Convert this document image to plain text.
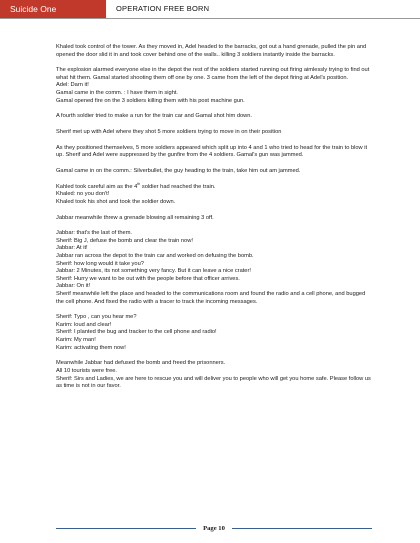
Suicide One	OPERATION FREE BORN
Khaled took control of the tower. As they moved in, Adel headed to the barracks, got out a hand grenade, pulled the pin and opened the door slid it in and took cover behind one of the walls.. killing 3 soldiers instantly inside the barracks.
The explosion alarmed everyone else in the depot the rest of the soldiers started running out firing aimlessly trying to find out what hit them. Gamal started shooting them off one by one. 3 came from the left of the depot firing at Adel's position.
Adel: Darn it!
Gamal came in the comm. : I have them in sight.
Gamal opened fire on the 3 soldiers killing them with his post machine gun.
A fourth soldier tried to make a run for the train car and Gamal shot him down.
Sherif met up with Adel where they shot 5 more soldiers trying to move in on their position
As they positioned themselves, 5 more soldiers appeared which split up into 4 and 1 who tried to head for the train to blow it up. Sherif and Adel were suppressed by the gunfire from the 4 soldiers. Gamal's gun was jammed.
Gamal came in on the comm.: Silverbullet, the guy heading to the train, take him out am jammed.
Kahled took careful aim as the 4th soldier had reached the train.
Khaled: no you don't!
Khaled took his shot and took the soldier down.
Jabbar meanwhile threw a grenade blowing all remaining 3 off.
Jabbar: that's the last of them.
Sherif: Big J, defuse the bomb and clear the train now!
Jabbar: At it!
Jabbar ran across the depot to the train car and worked on defusing the bomb.
Sherif: how long would it take you?
Jabbar: 2 Minutes, its not something very fancy. But it can leave a nice crater!
Sherif: Hurry we want to be out with the people before that officer arrives.
Jabbar: On it!
Sherif meanwhile left the place and headed to the communications room and found the radio and a cell phone, and bugged the cell phone. And fixed the radio with a tracer to track the incoming messages.
Sherif: Typo , can you hear me?
Karim: loud and clear!
Sherif: I planted the bug and tracker to the cell phone and radio!
Karim: My man!
Karim: activating them now!
Meanwhile Jabbar had defused the bomb and freed the prisonners.
All 10 tourists were free.
Sherif: Sirs and Ladies, we are here to rescue you and will deliver you to people who will get you home safe. Please follow us as time is not in our favor.
Page 10
